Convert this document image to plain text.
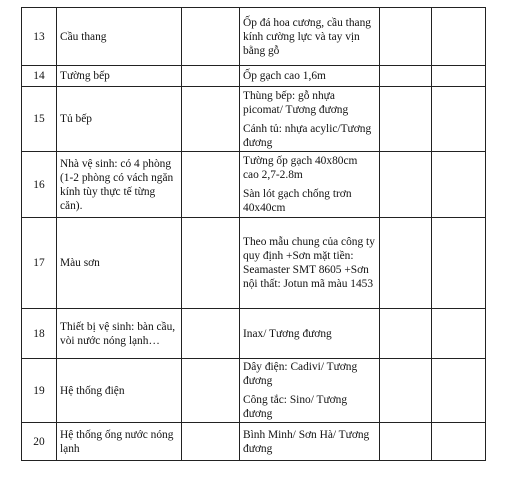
13	Cầu thang		Ốp đá hoa cương, cầu thang kính cường lực và tay vịn bằng gỗ		

14	Tường bếp		Ốp gạch cao 1,6m		

15	Tủ bếp		Thùng bếp: gỗ nhựa picomat/ Tương đương

Cánh tủ: nhựa acylic/Tương đương		

16	Nhà vệ sinh: có 4 phòng (1-2 phòng có vách ngăn kính tùy thực tế từng căn).		Tường ốp gạch 40x80cm cao 2,7-2.8m

Sàn lót gạch chống trơn 40x40cm		

17	Màu sơn		Theo mẫu chung của công ty quy định +Sơn mặt tiền: Seamaster SMT 8605 +Sơn nội thất: Jotun mã màu 1453		

18	Thiết bị vệ sinh: bàn cầu, vòi nước nóng lạnh…		Inax/ Tương đương		

19	Hệ thống điện		Dây điện: Cadivi/ Tương đương

Công tắc: Sino/ Tương đương		

20	Hệ thống ống nước nóng lạnh		Bình Minh/ Sơn Hà/ Tương đương		
